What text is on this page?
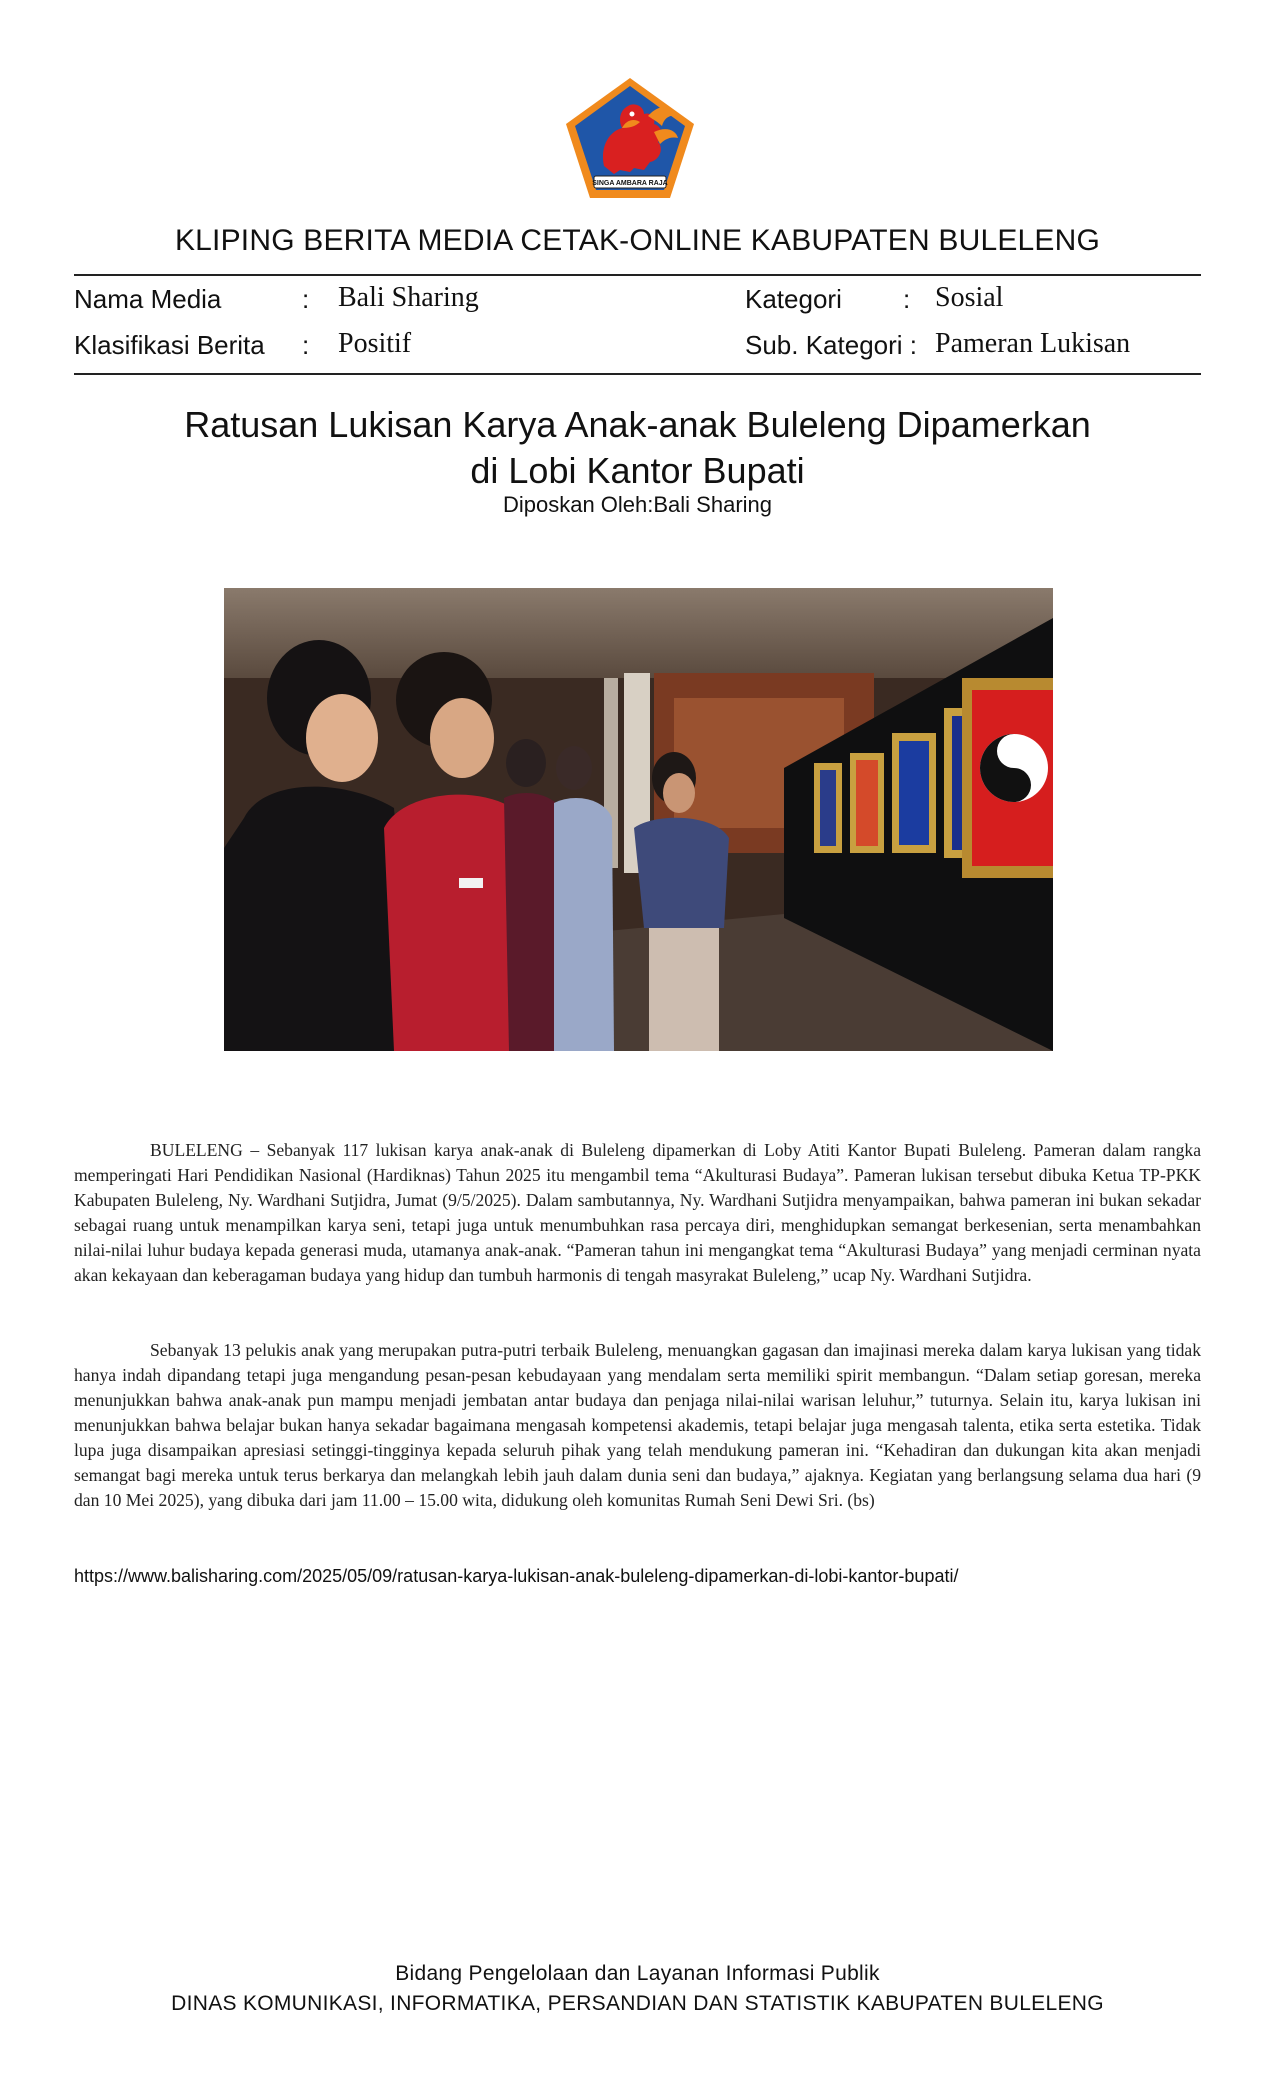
SINGA AMBARA RAJA
KLIPING BERITA MEDIA CETAK-ONLINE KABUPATEN BULELENG
Nama Media	: Bali Sharing	Kategori : Sosial
Klasifikasi Berita : Positif	Sub. Kategori : Pameran Lukisan
Ratusan Lukisan Karya Anak-anak Buleleng Dipamerkan
di Lobi Kantor Bupati
Diposkan Oleh:Bali Sharing
BULELENG – Sebanyak 117 lukisan karya anak-anak di Buleleng dipamerkan di Loby Atiti Kantor Bupati Buleleng. Pameran dalam rangka memperingati Hari Pendidikan Nasional (Hardiknas) Tahun 2025 itu mengambil tema “Akulturasi Budaya”. Pameran lukisan tersebut dibuka Ketua TP-PKK Kabupaten Buleleng, Ny. Wardhani Sutjidra, Jumat (9/5/2025). Dalam sambutannya, Ny. Wardhani Sutjidra menyampaikan, bahwa pameran ini bukan sekadar sebagai ruang untuk menampilkan karya seni, tetapi juga untuk menumbuhkan rasa percaya diri, menghidupkan semangat berkesenian, serta menambahkan nilai-nilai luhur budaya kepada generasi muda, utamanya anak-anak. “Pameran tahun ini mengangkat tema “Akulturasi Budaya” yang menjadi cerminan nyata akan kekayaan dan keberagaman budaya yang hidup dan tumbuh harmonis di tengah masyrakat Buleleng,” ucap Ny. Wardhani Sutjidra.
Sebanyak 13 pelukis anak yang merupakan putra-putri terbaik Buleleng, menuangkan gagasan dan imajinasi mereka dalam karya lukisan yang tidak hanya indah dipandang tetapi juga mengandung pesan-pesan kebudayaan yang mendalam serta memiliki spirit membangun. “Dalam setiap goresan, mereka menunjukkan bahwa anak-anak pun mampu menjadi jembatan antar budaya dan penjaga nilai-nilai warisan leluhur,” tuturnya. Selain itu, karya lukisan ini menunjukkan bahwa belajar bukan hanya sekadar bagaimana mengasah kompetensi akademis, tetapi belajar juga mengasah talenta, etika serta estetika. Tidak lupa juga disampaikan apresiasi setinggi-tingginya kepada seluruh pihak yang telah mendukung pameran ini. “Kehadiran dan dukungan kita akan menjadi semangat bagi mereka untuk terus berkarya dan melangkah lebih jauh dalam dunia seni dan budaya,” ajaknya. Kegiatan yang berlangsung selama dua hari (9 dan 10 Mei 2025), yang dibuka dari jam 11.00 – 15.00 wita, didukung oleh komunitas Rumah Seni Dewi Sri. (bs)
https://www.balisharing.com/2025/05/09/ratusan-karya-lukisan-anak-buleleng-dipamerkan-di-lobi-kantor-bupati/
Bidang Pengelolaan dan Layanan Informasi Publik
DINAS KOMUNIKASI, INFORMATIKA, PERSANDIAN DAN STATISTIK KABUPATEN BULELENG
